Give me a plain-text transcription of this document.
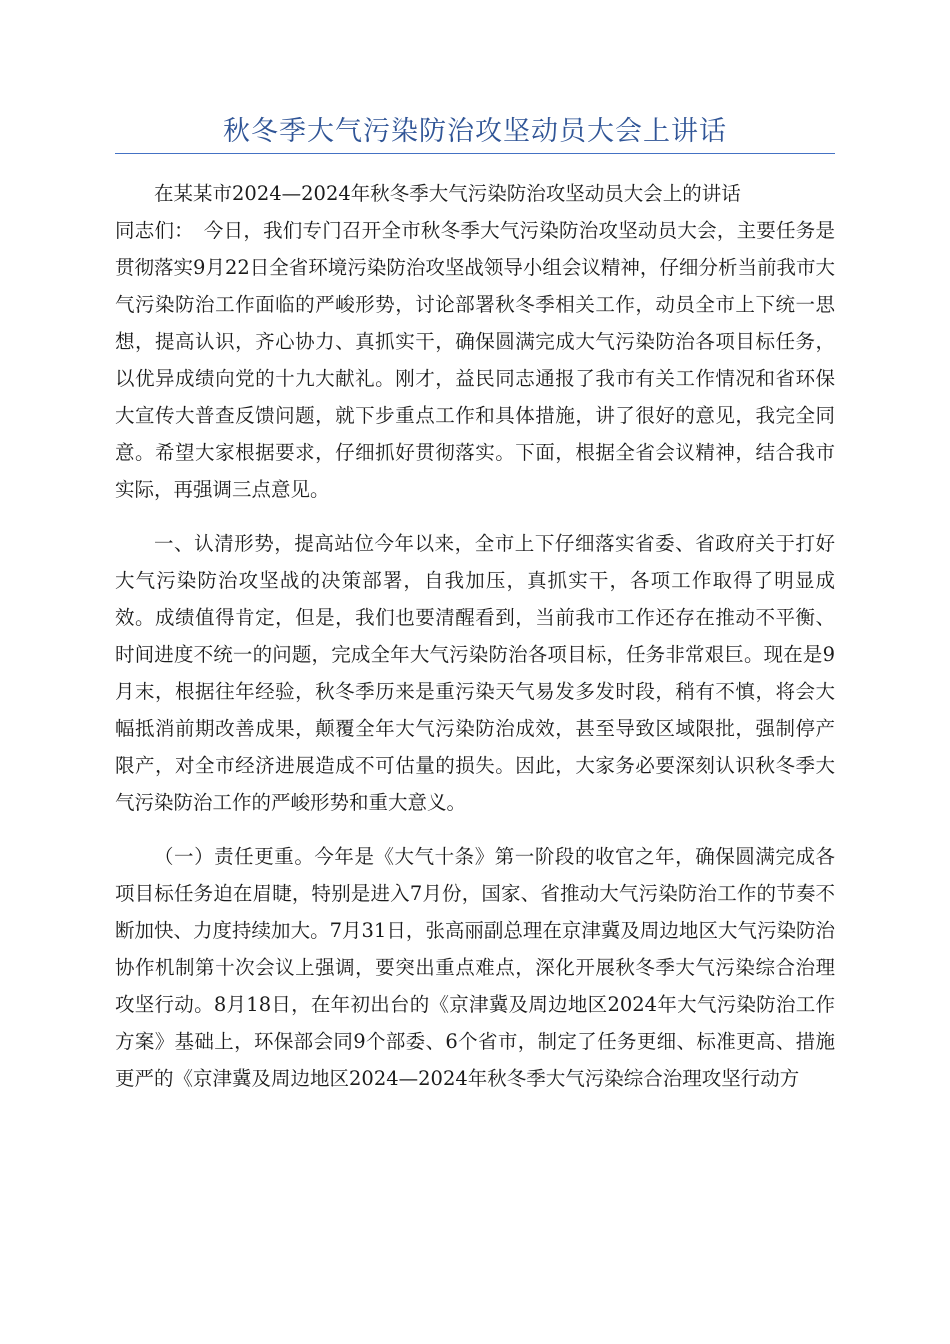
秋冬季大气污染防治攻坚动员大会上讲话

在某某市2024—2024年秋冬季大气污染防治攻坚动员大会上的讲话

同志们：　今日，我们专门召开全市秋冬季大气污染防治攻坚动员大会，主要任务是贯彻落实9月22日全省环境污染防治攻坚战领导小组会议精神，仔细分析当前我市大气污染防治工作面临的严峻形势，讨论部署秋冬季相关工作，动员全市上下统一思想，提高认识，齐心协力、真抓实干，确保圆满完成大气污染防治各项目标任务，以优异成绩向党的十九大献礼。刚才，益民同志通报了我市有关工作情况和省环保大宣传大普查反馈问题，就下步重点工作和具体措施，讲了很好的意见，我完全同意。希望大家根据要求，仔细抓好贯彻落实。下面，根据全省会议精神，结合我市实际，再强调三点意见。

一、认清形势，提高站位今年以来，全市上下仔细落实省委、省政府关于打好大气污染防治攻坚战的决策部署，自我加压，真抓实干，各项工作取得了明显成效。成绩值得肯定，但是，我们也要清醒看到，当前我市工作还存在推动不平衡、时间进度不统一的问题，完成全年大气污染防治各项目标，任务非常艰巨。现在是9月末，根据往年经验，秋冬季历来是重污染天气易发多发时段，稍有不慎，将会大幅抵消前期改善成果，颠覆全年大气污染防治成效，甚至导致区域限批，强制停产限产，对全市经济进展造成不可估量的损失。因此，大家务必要深刻认识秋冬季大气污染防治工作的严峻形势和重大意义。

（一）责任更重。今年是《大气十条》第一阶段的收官之年，确保圆满完成各项目标任务迫在眉睫，特别是进入7月份，国家、省推动大气污染防治工作的节奏不断加快、力度持续加大。7月31日，张高丽副总理在京津冀及周边地区大气污染防治协作机制第十次会议上强调，要突出重点难点，深化开展秋冬季大气污染综合治理攻坚行动。8月18日，在年初出台的《京津冀及周边地区2024年大气污染防治工作方案》基础上，环保部会同9个部委、6个省市，制定了任务更细、标准更高、措施更严的《京津冀及周边地区2024—2024年秋冬季大气污染综合治理攻坚行动方
